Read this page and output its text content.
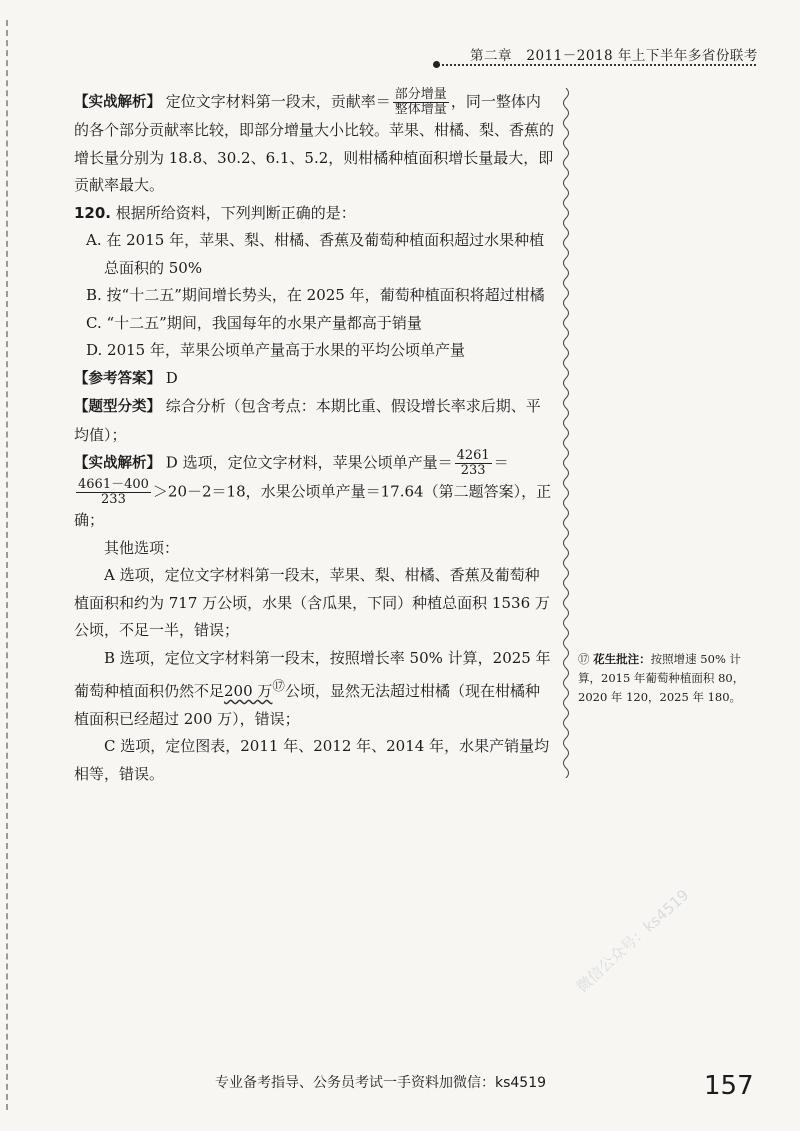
第二章 2011－2018 年上下半年多省份联考

【实战解析】 定位文字材料第一段末，贡献率＝ $\frac{\text{部分增量}}{\text{整体增量}}$ ，同一整体内的各个部分贡献率比较，即部分增量大小比较。苹果、柑橘、梨、香蕉的增长量分别为 18.8、30.2、6.1、5.2，则柑橘种植面积增长量最大，即贡献率最大。

120. 根据所给资料，下列判断正确的是：

A. 在 2015 年，苹果、梨、柑橘、香蕉及葡萄种植面积超过水果种植总面积的 50%

B. 按“十二五”期间增长势头，在 2025 年，葡萄种植面积将超过柑橘

C. “十二五”期间，我国每年的水果产量都高于销量

D. 2015 年，苹果公顷单产量高于水果的平均公顷单产量

【参考答案】 D

【题型分类】 综合分析（包含考点：本期比重、假设增长率求后期、平均值）；

【实战解析】 D 选项，定位文字材料，苹果公顷单产量＝ $\frac{4261}{233}$ ＝
$\frac{4661-400}{233} >20-2=18$，水果公顷单产量＝17.64（第二题答案），正确；

其他选项：

A 选项，定位文字材料第一段末，苹果、梨、柑橘、香蕉及葡萄种植面积和约为 717 万公顷，水果（含瓜果，下同）种植总面积 1536 万公顷，不足一半，错误；

B 选项，定位文字材料第一段末，按照增长率 50% 计算，2025 年葡萄种植面积仍然不足200 万⑰公顷，显然无法超过柑橘（现在柑橘种植面积已经超过 200 万），错误；

C 选项，定位图表，2011 年、2012 年、2014 年，水果产销量均相等，错误。

⑰ 花生批注：按照增速 50% 计算，2015 年葡萄种植面积 80，2020 年 120，2025 年 180。
微信公众号：ks4519
专业备考指导、公务员考试一手资料加微信：ks4519	157
